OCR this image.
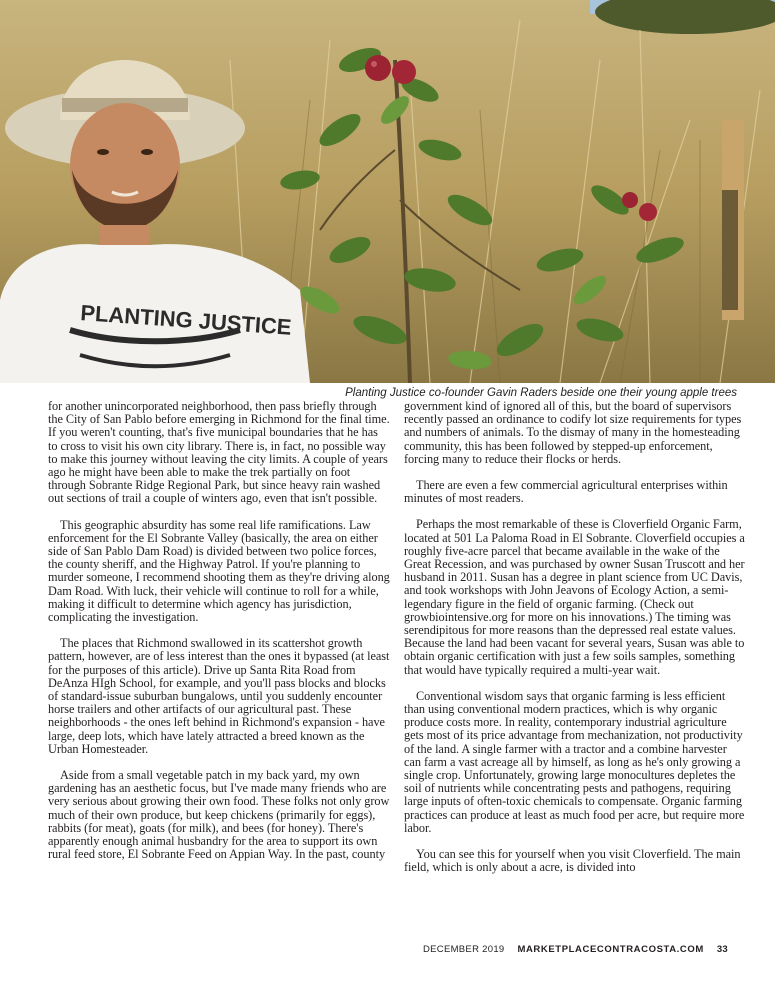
PLANTING JUSTICE
Planting Justice co-founder Gavin Raders beside one their young apple trees

for another unincorporated neighborhood, then pass briefly through the City of San Pablo before emerging in Richmond for the final time. If you weren't counting, that's five municipal boundaries that he has to cross to visit his own city library. There is, in fact, no possible way to make this journey without leaving the city limits. A couple of years ago he might have been able to make the trek partially on foot through Sobrante Ridge Regional Park, but since heavy rain washed out sections of trail a couple of winters ago, even that isn't possible.

This geographic absurdity has some real life ramifications. Law enforcement for the El Sobrante Valley (basically, the area on either side of San Pablo Dam Road) is divided between two police forces, the county sheriff, and the Highway Patrol. If you're planning to murder someone, I recommend shooting them as they're driving along Dam Road. With luck, their vehicle will continue to roll for a while, making it difficult to determine which agency has jurisdiction, complicating the investigation.

The places that Richmond swallowed in its scattershot growth pattern, however, are of less interest than the ones it bypassed (at least for the purposes of this article). Drive up Santa Rita Road from DeAnza HIgh School, for example, and you'll pass blocks and blocks of standard-issue suburban bungalows, until you suddenly encounter horse trailers and other artifacts of our agricultural past. These neighborhoods - the ones left behind in Richmond's expansion - have large, deep lots, which have lately attracted a breed known as the Urban Homesteader.

Aside from a small vegetable patch in my back yard, my own gardening has an aesthetic focus, but I've made many friends who are very serious about growing their own food. These folks not only grow much of their own produce, but keep chickens (primarily for eggs), rabbits (for meat), goats (for milk), and bees (for honey). There's apparently enough animal husbandry for the area to support its own rural feed store, El Sobrante Feed on Appian Way. In the past, county

government kind of ignored all of this, but the board of supervisors recently passed an ordinance to codify lot size requirements for types and numbers of animals. To the dismay of many in the homesteading community, this has been followed by stepped-up enforcement, forcing many to reduce their flocks or herds.

There are even a few commercial agricultural enterprises within minutes of most readers.

Perhaps the most remarkable of these is Cloverfield Organic Farm, located at 501 La Paloma Road in El Sobrante. Cloverfield occupies a roughly five-acre parcel that became available in the wake of the Great Recession, and was purchased by owner Susan Truscott and her husband in 2011. Susan has a degree in plant science from UC Davis, and took workshops with John Jeavons of Ecology Action, a semi-legendary figure in the field of organic farming. (Check out growbiointensive.org for more on his innovations.) The timing was serendipitous for more reasons than the depressed real estate values. Because the land had been vacant for several years, Susan was able to obtain organic certification with just a few soils samples, something that would have typically required a multi-year wait.

Conventional wisdom says that organic farming is less efficient than using conventional modern practices, which is why organic produce costs more. In reality, contemporary industrial agriculture gets most of its price advantage from mechanization, not productivity of the land. A single farmer with a tractor and a combine harvester can farm a vast acreage all by himself, as long as he's only growing a single crop. Unfortunately, growing large monocultures depletes the soil of nutrients while concentrating pests and pathogens, requiring large inputs of often-toxic chemicals to compensate. Organic farming practices can produce at least as much food per acre, but require more labor.

You can see this for yourself when you visit Cloverfield. The main field, which is only about a acre, is divided into

DECEMBER 2019 MARKETPLACECONTRACOSTA.COM 33
